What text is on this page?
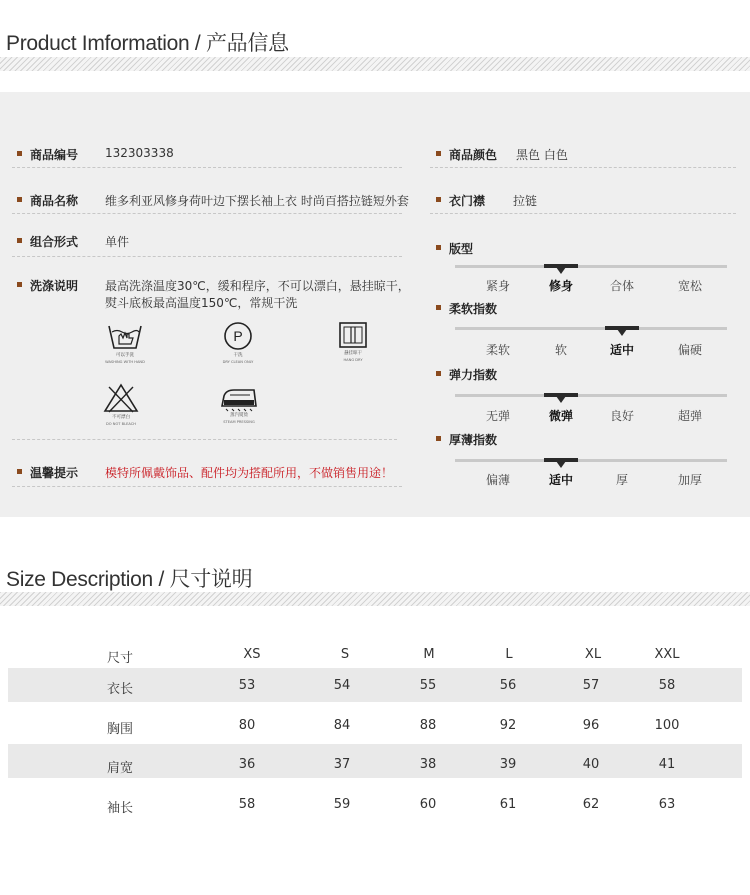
Product Imformation / 产品信息
商品编号 132303338
商品名称 维多利亚风修身荷叶边下摆长袖上衣 时尚百搭拉链短外套
组合形式 单件
洗涤说明 最高洗涤温度30℃，缓和程序，不可以漂白，悬挂晾干，
熨斗底板最高温度150℃，常规干洗
可以手洗
WASHING WITH HAND
P
干洗
DRY CLEAN ONLY
悬挂晾干
HANG DRY
不可漂白
DO NOT BLEACH
蒸汽熨烫
STEAM PRESSING
温馨提示 模特所佩戴饰品、配件均为搭配所用，不做销售用途！
商品颜色 黑色 白色
衣门襟 拉链
版型
紧身	修身	合体	宽松
柔软指数
柔软	软	适中	偏硬
弹力指数
无弹	微弹	良好	超弹
厚薄指数
偏薄	适中	厚	加厚
Size Description / 尺寸说明
尺寸	XS	S	M	L	XL	XXL
衣长	53	54	55	56	57	58
胸围	80	84	88	92	96	100
肩宽	36	37	38	39	40	41
袖长	58	59	60	61	62	63
